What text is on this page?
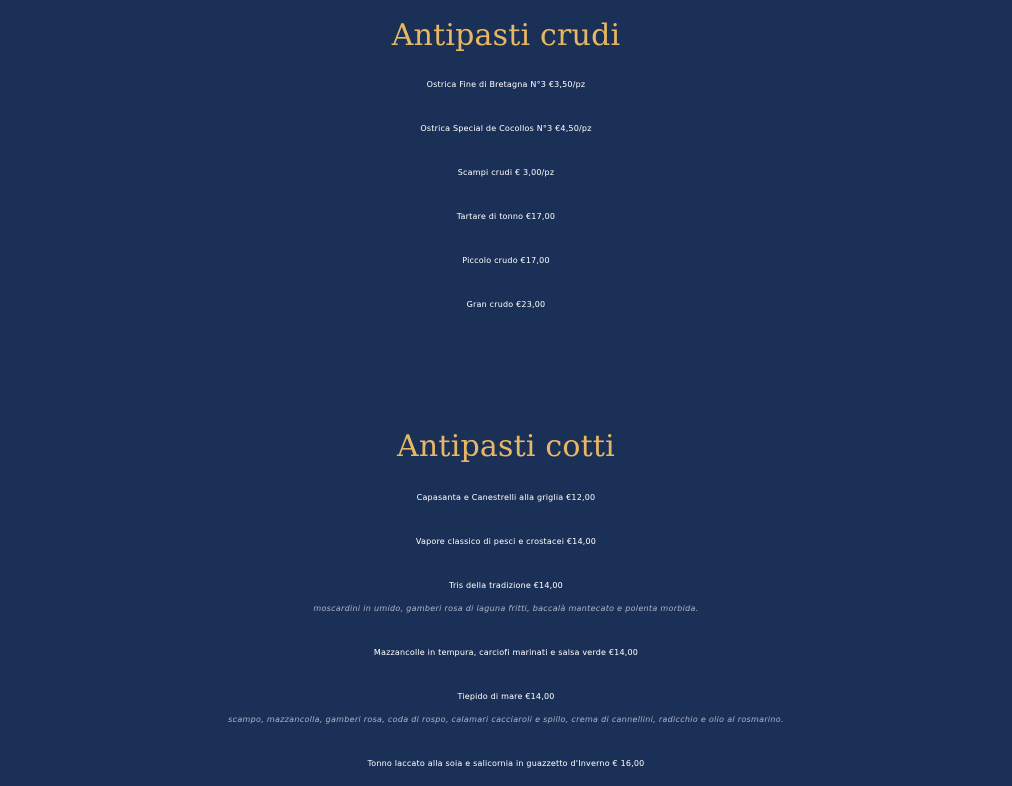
Antipasti crudi
Ostrica Fine di Bretagna N°3 €3,50/pz
Ostrica Special de Cocollos N°3 €4,50/pz
Scampi crudi € 3,00/pz
Tartare di tonno €17,00
Piccolo crudo €17,00
Gran crudo €23,00
Antipasti cotti
Capasanta e Canestrelli alla griglia €12,00
Vapore classico di pesci e crostacei €14,00
Tris della tradizione €14,00
moscardini in umido, gamberi rosa di laguna fritti, baccalà mantecato e polenta morbida.
Mazzancolle in tempura, carciofi marinati e salsa verde €14,00
Tiepido di mare €14,00
scampo, mazzancolla, gamberi rosa, coda di rospo, calamari cacciaroli e spillo, crema di cannellini, radicchio e olio al rosmarino.
Tonno laccato alla soia e salicornia in guazzetto d'Inverno € 16,00
